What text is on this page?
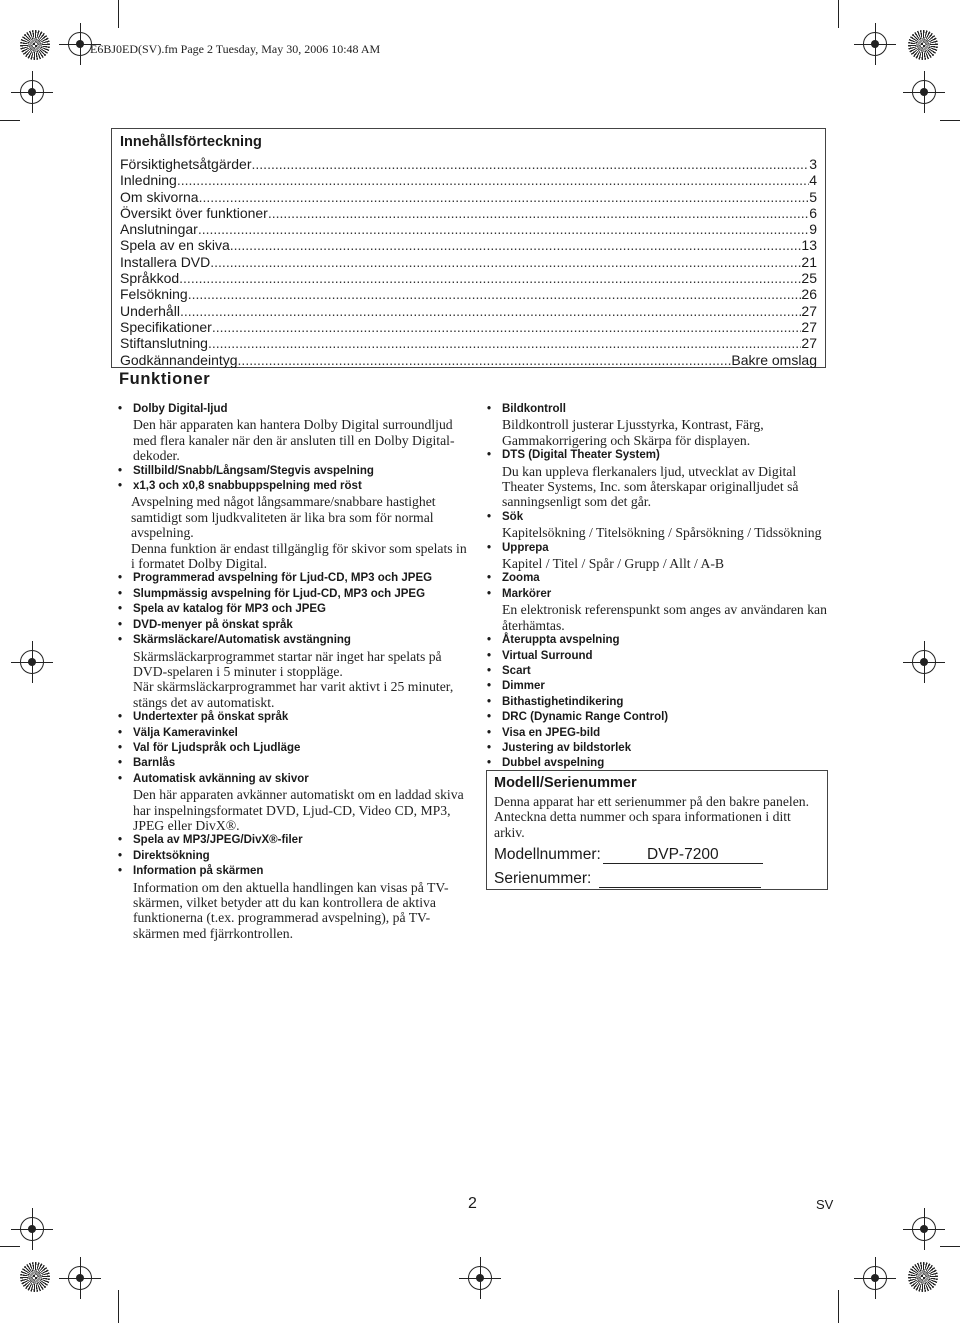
E6BJ0ED(SV).fm Page 2 Tuesday, May 30, 2006 10:48 AM
Innehållsförteckning
Försiktighetsåtgärder .....	3
Inledning .....	4
Om skivorna .....	5
Översikt över funktioner .....	6
Anslutningar .....	9
Spela av en skiva .....	13
Installera DVD .....	21
Språkkod .....	25
Felsökning .....	26
Underhåll .....	27
Specifikationer .....	27
Stiftanslutning .....	27
Godkännandeintyg .....	Bakre omslag
Funktioner
• Dolby Digital-ljud
Den här apparaten kan hantera Dolby Digital surroundljud med flera kanaler när den är ansluten till en Dolby Digital-dekoder.
• Stillbild/Snabb/Långsam/Stegvis avspelning
• x1,3 och x0,8 snabbuppspelning med röst
Avspelning med något långsammare/snabbare hastighet samtidigt som ljudkvaliteten är lika bra som för normal avspelning.
Denna funktion är endast tillgänglig för skivor som spelats in i formatet Dolby Digital.
• Programmerad avspelning för Ljud-CD, MP3 och JPEG
• Slumpmässig avspelning för Ljud-CD, MP3 och JPEG
• Spela av katalog för MP3 och JPEG
• DVD-menyer på önskat språk
• Skärmsläckare/Automatisk avstängning
Skärmsläckarprogrammet startar när inget har spelats på DVD-spelaren i 5 minuter i stoppläge.
När skärmsläckarprogrammet har varit aktivt i 25 minuter, stängs det av automatiskt.
• Undertexter på önskat språk
• Välja Kameravinkel
• Val för Ljudspråk och Ljudläge
• Barnlås
• Automatisk avkänning av skivor
Den här apparaten avkänner automatiskt om en laddad skiva har inspelningsformatet DVD, Ljud-CD, Video CD, MP3, JPEG eller DivX®.
• Spela av MP3/JPEG/DivX®-filer
• Direktsökning
• Information på skärmen
Information om den aktuella handlingen kan visas på TV-skärmen, vilket betyder att du kan kontrollera de aktiva funktionerna (t.ex. programmerad avspelning), på TV-skärmen med fjärrkontrollen.
• Bildkontroll
Bildkontroll justerar Ljusstyrka, Kontrast, Färg, Gammakorrigering och Skärpa för displayen.
• DTS (Digital Theater System)
Du kan uppleva flerkanalers ljud, utvecklat av Digital Theater Systems, Inc. som återskapar originalljudet så sanningsenligt som det går.
• Sök
Kapitelsökning / Titelsökning / Spårsökning / Tidssökning
• Upprepa
Kapitel / Titel / Spår / Grupp / Allt / A-B
• Zooma
• Markörer
En elektronisk referenspunkt som anges av användaren kan återhämtas.
• Återuppta avspelning
• Virtual Surround
• Scart
• Dimmer
• Bithastighetindikering
• DRC (Dynamic Range Control)
• Visa en JPEG-bild
• Justering av bildstorlek
• Dubbel avspelning
Modell/Serienummer
Denna apparat har ett serienummer på den bakre panelen. Anteckna detta nummer och spara informationen i ditt arkiv.
Modellnummer:	DVP-7200
Serienummer:
2	SV
